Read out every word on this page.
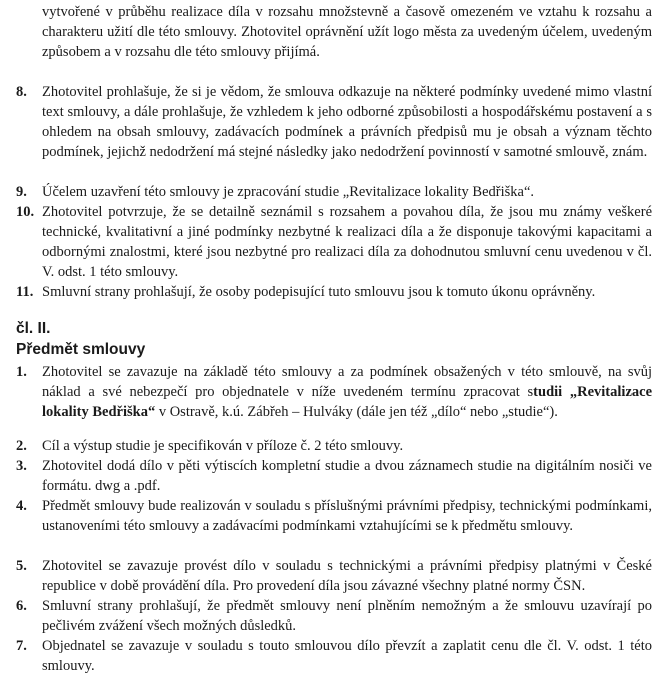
vytvořené v průběhu realizace díla v rozsahu množstevně a časově omezeném ve vztahu k rozsahu a charakteru užití dle této smlouvy. Zhotovitel oprávnění užít logo města za uvedeným účelem, uvedeným způsobem a v rozsahu dle této smlouvy přijímá.
8.	Zhotovitel prohlašuje, že si je vědom, že smlouva odkazuje na některé podmínky uvedené mimo vlastní text smlouvy, a dále prohlašuje, že vzhledem k jeho odborné způsobilosti a hospodářskému postavení a s ohledem na obsah smlouvy, zadávacích podmínek a právních předpisů mu je obsah a význam těchto podmínek, jejichž nedodržení má stejné následky jako nedodržení povinností v samotné smlouvě, znám.
9.	Účelem uzavření této smlouvy je zpracování studie „Revitalizace lokality Bedřiška“.
10. Zhotovitel potvrzuje, že se detailně seznámil s rozsahem a povahou díla, že jsou mu známy veškeré technické, kvalitativní a jiné podmínky nezbytné k realizaci díla a že disponuje takovými kapacitami a odbornými znalostmi, které jsou nezbytné pro realizaci díla za dohodnutou smluvní cenu uvedenou v čl. V. odst. 1 této smlouvy.
11. Smluvní strany prohlašují, že osoby podepisující tuto smlouvu jsou k tomuto úkonu oprávněny.
čl. II.
Předmět smlouvy
1.	Zhotovitel se zavazuje na základě této smlouvy a za podmínek obsažených v této smlouvě, na svůj náklad a své nebezpečí pro objednatele v níže uvedeném termínu zpracovat studii „Revitalizace lokality Bedřiška“ v Ostravě, k.ú. Zábřeh – Hulváky (dále jen též „dílo“ nebo „studie“).
2.	Cíl a výstup studie je specifikován v příloze č. 2 této smlouvy.
3.	Zhotovitel dodá dílo v pěti výtiscích kompletní studie a dvou záznamech studie na digitálním nosiči ve formátu. dwg a .pdf.
4.	Předmět smlouvy bude realizován v souladu s příslušnými právními předpisy, technickými podmínkami, ustanoveními této smlouvy a zadávacími podmínkami vztahujícími se k předmětu smlouvy.
5.	Zhotovitel se zavazuje provést dílo v souladu s technickými a právními předpisy platnými v České republice v době provádění díla. Pro provedení díla jsou závazné všechny platné normy ČSN.
6.	Smluvní strany prohlašují, že předmět smlouvy není plněním nemožným a že smlouvu uzavírají po pečlivém zvážení všech možných důsledků.
7.	Objednatel se zavazuje v souladu s touto smlouvou dílo převzít a zaplatit cenu dle čl. V. odst. 1 této smlouvy.
